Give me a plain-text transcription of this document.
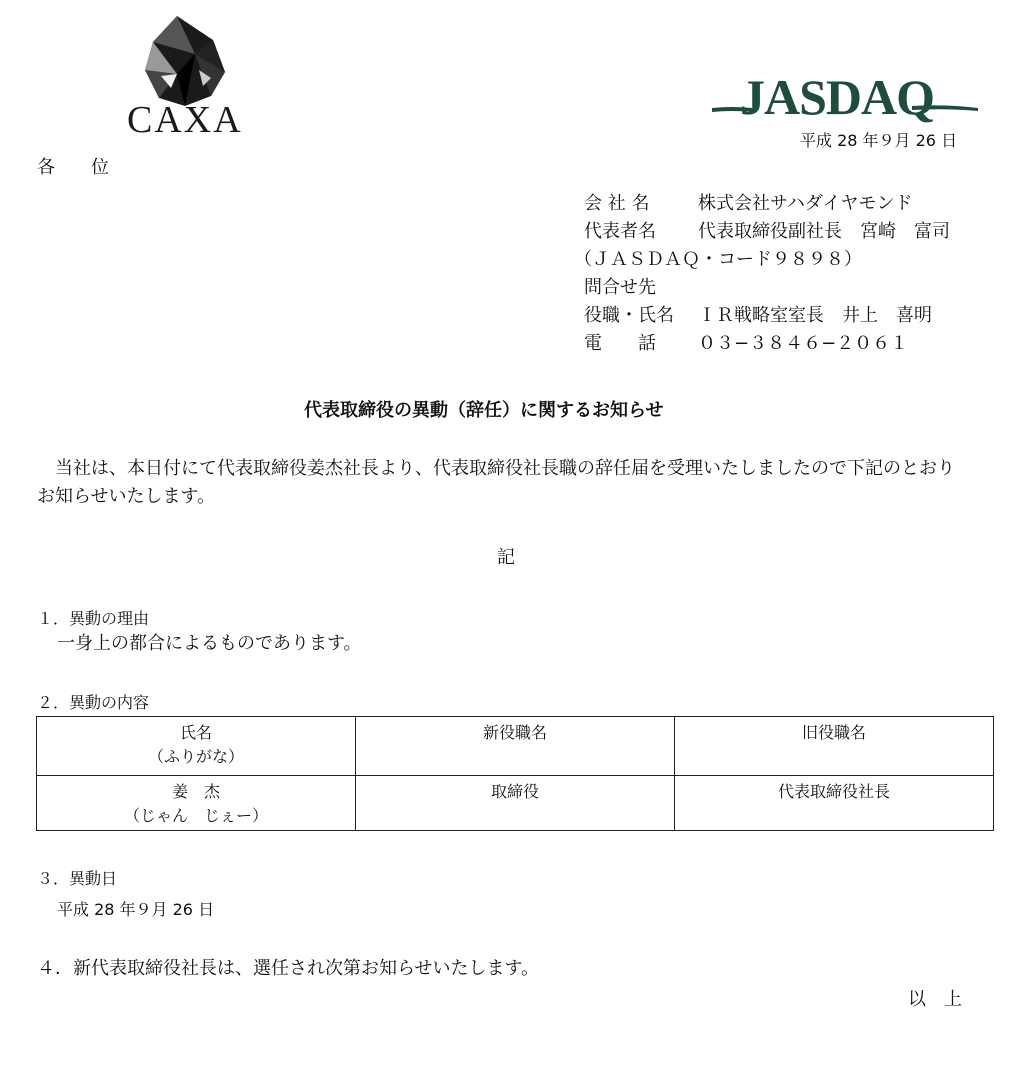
CAXA	JASDAQ
平成 28 年９月 26 日
各　　位
会 社 名	株式会社サハダイヤモンド
代表者名 代表取締役副社長　宮崎　富司
（ＪＡＳＤＡＱ・コード９８９８）
問合せ先
役職・氏名 ＩＲ戦略室室長　井上　喜明
電　　話 ０３−３８４６−２０６１
代表取締役の異動（辞任）に関するお知らせ
　当社は、本日付にて代表取締役姜杰社長より、代表取締役社長職の辞任届を受理いたしましたので下記のとおり
お知らせいたします。
記
１．異動の理由
一身上の都合によるものであります。
２．異動の内容
氏名
（ふりがな）	新役職名	旧役職名

姜　杰
（じゃん　じぇー）	取締役	代表取締役社長
３．異動日
平成 28 年９月 26 日
４．新代表取締役社長は、選任され次第お知らせいたします。
以　上
